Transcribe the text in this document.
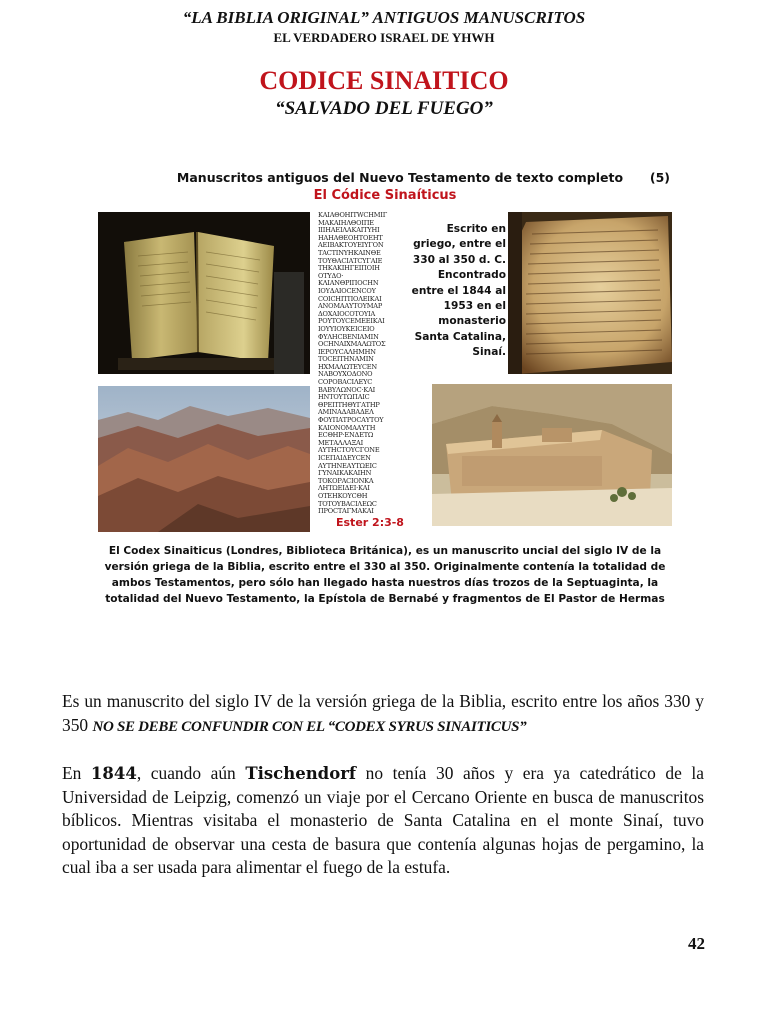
“LA BIBLIA ORIGINAL” ANTIGUOS MANUSCRITOS
EL VERDADERO ISRAEL DE YHWH
CODICE SINAITICO
“SALVADO DEL FUEGO”
Manuscritos antiguos del Nuevo Testamento de texto completo	(5)
El Códice Sinaíticus
ΚΑΙΑΘΟΗΙΤWCΗΜΙΓ
ΜΑΚΑΙΗΛΘΟΙΠΕ
ΙΙΙΗΑΕΙΛΑΚΑΙΤΥΗΙ
ΗΑΗΑΘΕΟΗΤΟΕΗΤ
ΑΕΙΒΑΚΤΟΥΕΙΥΓΟΝ
ΤΑCΤΙΝΥΗΚΑΙΝΘΕ
ΤΟΥΘΑCΙΑΤCΥΓΑΙΕ
ΤΗΚΑΚΙΗΓΕΙΠΟΙΗ
ΟΤΥΔΟ·
ΚΛΙΑΝΘΡΙΠΟCΗΝ
ΙΟΥΔΑΙΟCΕΝCΟΥ
CΟΙCΗΙΤΠΟΛΕΙΚΑΙ
ΑΝΟΜΑΑΥΤΟΥΜΑΡ
ΔΟΧΑΙΟCΟΤΟΥΙΑ
ΡΟΥΤΟΥCΕΜΕΕΙΚΑΙ
ΙΟΥΥΙΟΥΚΕΙCΕΙΟ
ΦΥΛΗCΒΕΝΙΑΜΙΝ
ΟCΗΝΑΙΧΜΑΛΩΤΟΣ
ΙΕΡΟΥCΑΛΗΜΗΝ
ΤΟCΕΙΤΗΝΑΜΙΝ
ΗΧΜΑΛΩΤΕΥCΕΝ
ΝΑΒΟΥΧΟΔΟΝΟ
CΟΡΟΒΑCΙΛΕΥC
ΒΑΒΥΛΩΝΟC·ΚΑΙ
ΗΝΤΟΥΤΩΠΑΙC
ΘΡΕΠΤΗΘΥΓΑΤΗΡ
ΑΜΙΝΑΔΑΒΑΔΕΛ
ΦΟΥΠΑΤΡΟCΑΥΤΟΥ
ΚΑΙΟΝΟΜΑΑΥΤΗ
ΕCΘΗΡ·ΕΝΔΕΤΩ
ΜΕΤΑΛΛΑΞΑΙ
ΑΥΤΗCΤΟΥCΓΟΝΕ
ΙCΕΠΑΙΔΕΥCΕΝ
ΑΥΤΗΝΕΑΥΤΩΕΙC
ΓΥΝΑΙΚΑΚΑΙΗΝ
ΤΟΚΟΡΑCΙΟΝΚΑ
ΛΗΤΩΕΙΔΕΙ·ΚΑΙ
ΟΤΕΗΚΟΥCΘΗ
ΤΟΤΟΥΒΑCΙΛΕΩC
ΠΡΟCΤΑΓΜΑΚΑΙ
Escrito en griego, entre el 330 al 350 d. C. Encontrado entre el 1844 al 1953 en el monasterio Santa Catalina, Sinaí.
Ester 2:3-8
El Codex Sinaiticus (Londres, Biblioteca Británica), es un manuscrito uncial del siglo IV de la versión griega de la Biblia, escrito entre el 330 al 350. Originalmente contenía la totalidad de ambos Testamentos, pero sólo han llegado hasta nuestros días trozos de la Septuaginta, la totalidad del Nuevo Testamento, la Epístola de Bernabé y fragmentos de El Pastor de Hermas

Es un manuscrito del siglo IV de la versión griega de la Biblia, escrito entre los años 330 y 350 NO SE DEBE CONFUNDIR CON EL “CODEX SYRUS SINAITICUS”

En 1844, cuando aún Tischendorf no tenía 30 años y era ya catedrático de la Universidad de Leipzig, comenzó un viaje por el Cercano Oriente en busca de manuscritos bíblicos. Mientras visitaba el monasterio de Santa Catalina en el monte Sinaí, tuvo oportunidad de observar una cesta de basura que contenía algunas hojas de pergamino, la cual iba a ser usada para alimentar el fuego de la estufa.

42
